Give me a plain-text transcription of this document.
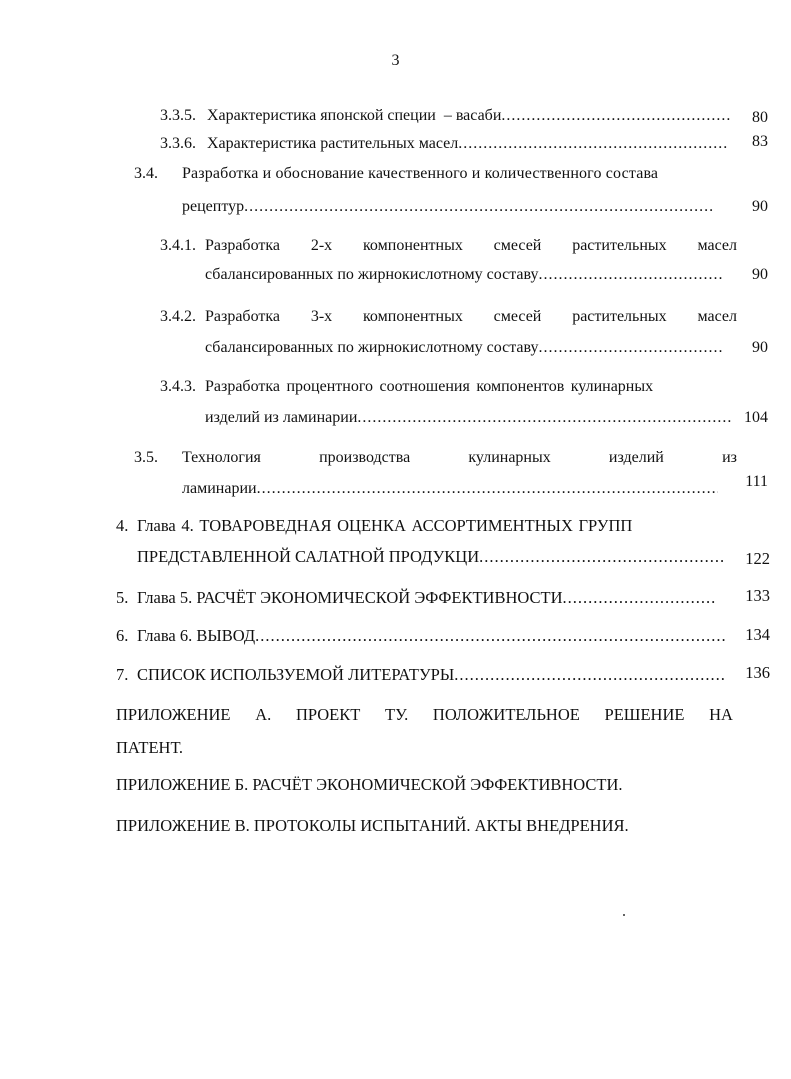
3
3.3.5. Характеристика японской специи  – васаби .....	80
3.3.6. Характеристика растительных масел .....	83
3.4. Разработка и обоснование качественного и количественного состава
рецептур .....	90
3.4.1. Разработка 2-х компонентных смесей растительных масел
сбалансированных по жирнокислотному составу .....	90
3.4.2. Разработка 3-х компонентных смесей растительных масел
сбалансированных по жирнокислотному составу .....	90
3.4.3. Разработка процентного соотношения компонентов кулинарных
изделий из ламинарии .....	104
3.5. Технология	производства	кулинарных	изделий	из
ламинарии .....	111
4. Глава 4. ТОВАРОВЕДНАЯ ОЦЕНКА АССОРТИМЕНТНЫХ ГРУПП
ПРЕДСТАВЛЕННОЙ САЛАТНОЙ ПРОДУКЦИ .....	122
5. Глава 5. РАСЧЁТ ЭКОНОМИЧЕСКОЙ ЭФФЕКТИВНОСТИ .....	133
6. Глава 6. ВЫВОД .....	134
7. СПИСОК ИСПОЛЬЗУЕМОЙ ЛИТЕРАТУРЫ .....	136
ПРИЛОЖЕНИЕ А. ПРОЕКТ ТУ. ПОЛОЖИТЕЛЬНОЕ РЕШЕНИЕ НА
ПАТЕНТ.
ПРИЛОЖЕНИЕ Б. РАСЧЁТ ЭКОНОМИЧЕСКОЙ ЭФФЕКТИВНОСТИ.
ПРИЛОЖЕНИЕ В. ПРОТОКОЛЫ ИСПЫТАНИЙ. АКТЫ ВНЕДРЕНИЯ.
